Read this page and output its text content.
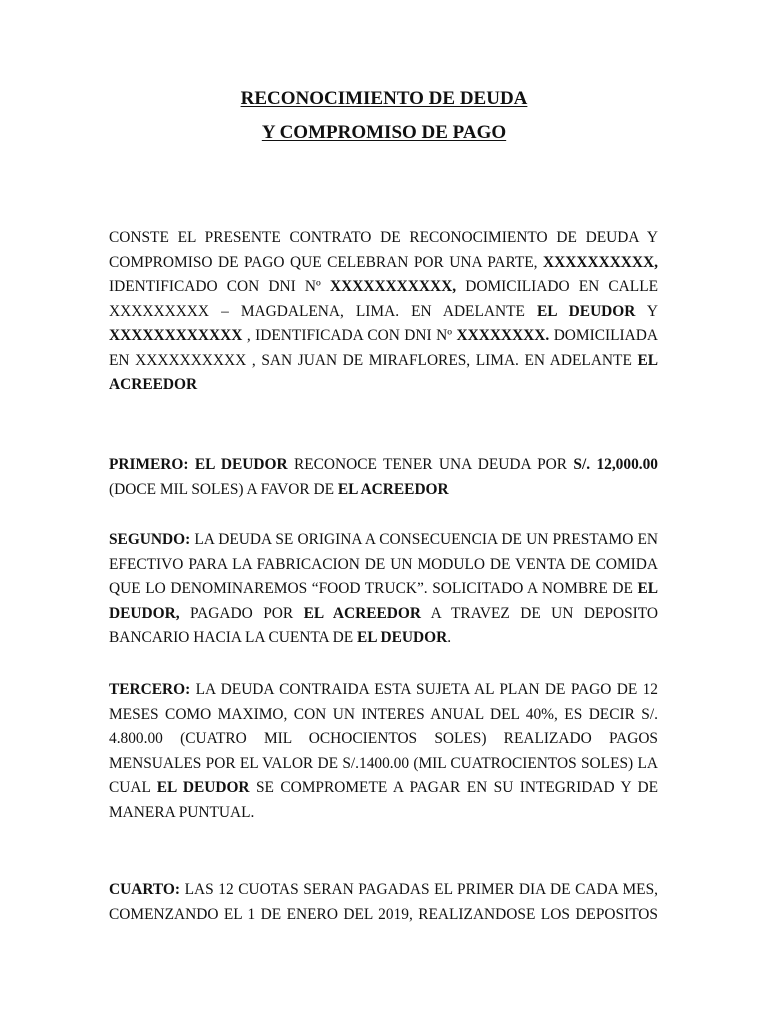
RECONOCIMIENTO DE DEUDA
Y COMPROMISO DE PAGO
CONSTE EL PRESENTE CONTRATO DE RECONOCIMIENTO DE DEUDA Y
COMPROMISO DE PAGO QUE CELEBRAN POR UNA PARTE, XXXXXXXXXX,
IDENTIFICADO CON DNI Nº XXXXXXXXXXX, DOMICILIADO EN CALLE
XXXXXXXXX – MAGDALENA, LIMA. EN ADELANTE EL DEUDOR Y
XXXXXXXXXXXX , IDENTIFICADA CON DNI Nº XXXXXXXX. DOMICILIADA
EN XXXXXXXXXX , SAN JUAN DE MIRAFLORES, LIMA. EN ADELANTE EL
ACREEDOR
PRIMERO: EL DEUDOR RECONOCE TENER UNA DEUDA POR S/. 12,000.00
(DOCE MIL SOLES) A FAVOR DE EL ACREEDOR
SEGUNDO: LA DEUDA SE ORIGINA A CONSECUENCIA DE UN PRESTAMO EN
EFECTIVO PARA LA FABRICACION DE UN MODULO DE VENTA DE COMIDA
QUE LO DENOMINAREMOS “FOOD TRUCK”. SOLICITADO A NOMBRE DE EL
DEUDOR, PAGADO POR EL ACREEDOR A TRAVEZ DE UN DEPOSITO
BANCARIO HACIA LA CUENTA DE EL DEUDOR.
TERCERO: LA DEUDA CONTRAIDA ESTA SUJETA AL PLAN DE PAGO DE 12
MESES COMO MAXIMO, CON UN INTERES ANUAL DEL 40%, ES DECIR S/.
4.800.00 (CUATRO MIL OCHOCIENTOS SOLES) REALIZADO PAGOS
MENSUALES POR EL VALOR DE S/.1400.00 (MIL CUATROCIENTOS SOLES) LA
CUAL EL DEUDOR SE COMPROMETE A PAGAR EN SU INTEGRIDAD Y DE
MANERA PUNTUAL.
CUARTO: LAS 12 CUOTAS SERAN PAGADAS EL PRIMER DIA DE CADA MES,
COMENZANDO EL 1 DE ENERO DEL 2019, REALIZANDOSE LOS DEPOSITOS
